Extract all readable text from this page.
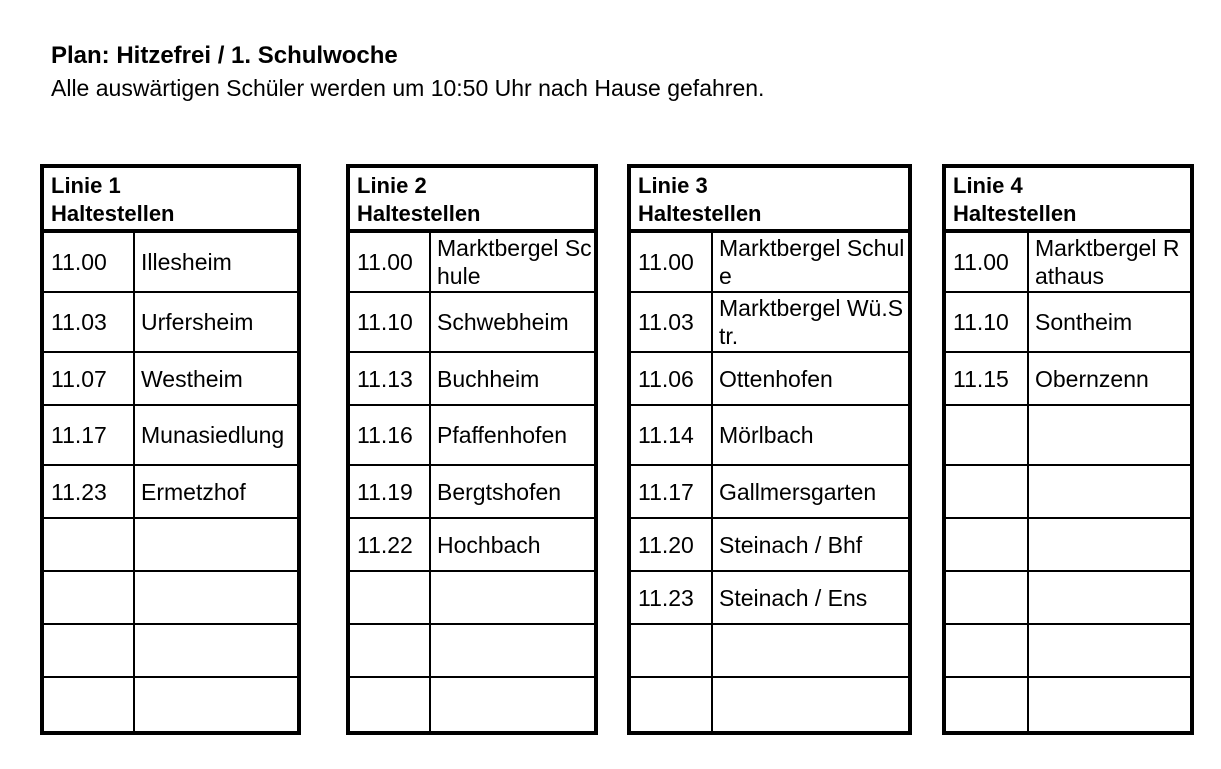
Plan: Hitzefrei / 1. Schulwoche
Alle auswärtigen Schüler werden um 10:50 Uhr nach Hause gefahren.
Linie 1
Haltestellen	

11.00	Illesheim
11.03	Urfersheim
11.07	Westheim
11.17	Munasiedlung
11.23	Ermetzhof

Linie 2
Haltestellen	

11.00	Marktbergel Schule
11.10	Schwebheim
11.13	Buchheim
11.16	Pfaffenhofen
11.19	Bergtshofen
11.22	Hochbach

Linie 3
Haltestellen	

11.00	Marktbergel Schule
11.03	Marktbergel Wü.Str.
11.06	Ottenhofen
11.14	Mörlbach
11.17	Gallmersgarten
11.20	Steinach / Bhf
11.23	Steinach / Ens

Linie 4
Haltestellen	

11.00	Marktbergel Rathaus
11.10	Sontheim
11.15	Obernzenn
